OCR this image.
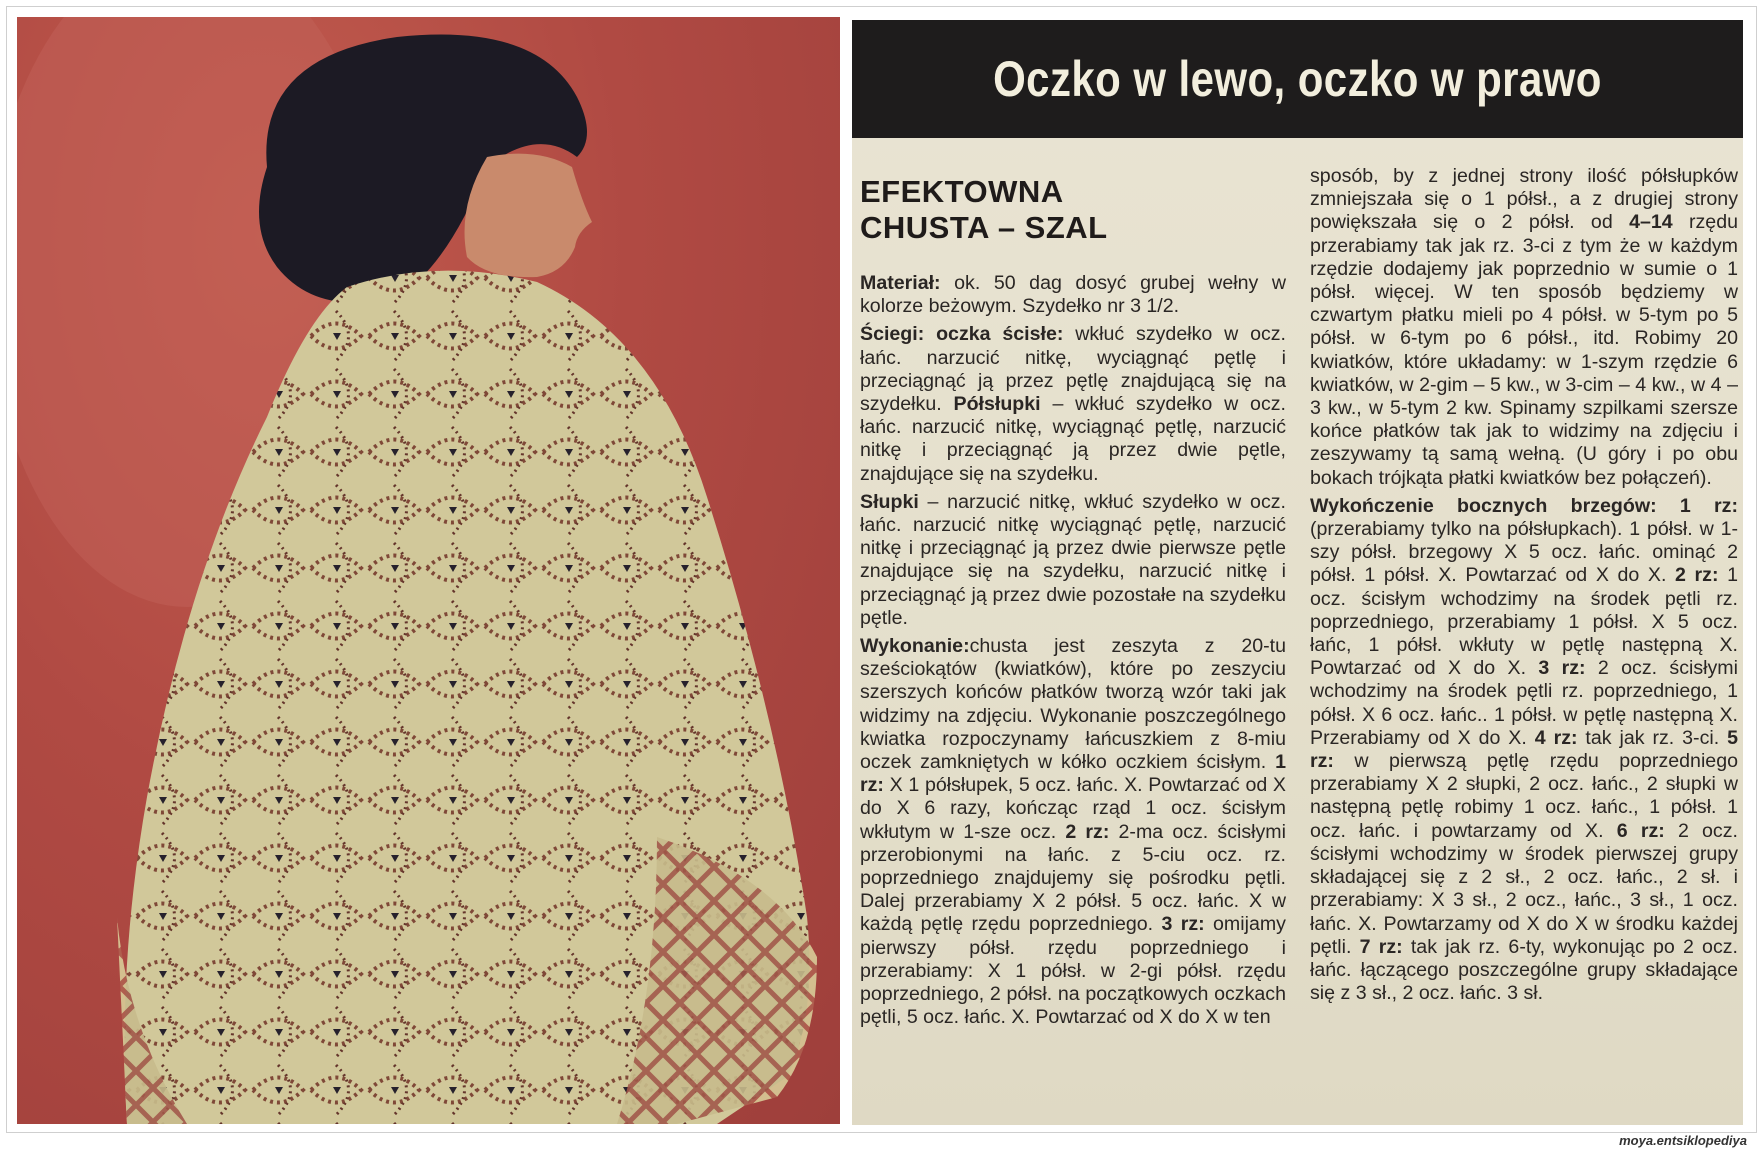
Oczko w lewo, oczko w prawo
EFEKTOWNA
CHUSTA – SZAL

Materiał: ok. 50 dag dosyć grubej wełny w kolorze beżowym. Szydełko nr 3 1/2.

Ściegi: oczka ścisłe: wkłuć szydełko w ocz. łańc. narzucić nitkę, wyciągnąć pętlę i przeciągnąć ją przez pętlę znajdującą się na szydełku. Półsłupki – wkłuć szydełko w ocz. łańc. narzucić nitkę, wyciągnąć pętlę, narzucić nitkę i przeciągnąć ją przez dwie pętle, znajdujące się na szydełku.

Słupki – narzucić nitkę, wkłuć szydełko w ocz. łańc. narzucić nitkę wyciągnąć pętlę, narzucić nitkę i przeciągnąć ją przez dwie pierwsze pętle znajdujące się na szydełku, narzucić nitkę i przeciągnąć ją przez dwie pozostałe na szydełku pętle.

Wykonanie:chusta jest zeszyta z 20-tu sześciokątów (kwiatków), które po zeszyciu szerszych końców płatków tworzą wzór taki jak widzimy na zdjęciu. Wykonanie poszczególnego kwiatka rozpoczynamy łańcuszkiem z 8-miu oczek zamkniętych w kółko oczkiem ścisłym. 1 rz: X 1 półsłupek, 5 ocz. łańc. X. Powtarzać od X do X 6 razy, kończąc rząd 1 ocz. ścisłym wkłutym w 1-sze ocz. 2 rz: 2-ma ocz. ścisłymi przerobionymi na łańc. z 5-ciu ocz. rz. poprzedniego znajdujemy się pośrodku pętli. Dalej przerabiamy X 2 półsł. 5 ocz. łańc. X w każdą pętlę rzędu poprzedniego. 3 rz: omijamy pierwszy półsł. rzędu poprzedniego i przerabiamy: X 1 półsł. w 2-gi półsł. rzędu poprzedniego, 2 półsł. na początkowych oczkach pętli, 5 ocz. łańc. X. Powtarzać od X do X w ten

sposób, by z jednej strony ilość półsłupków zmniejszała się o 1 półsł., a z drugiej strony powiększała się o 2 półsł. od 4–14 rzędu przerabiamy tak jak rz. 3-ci z tym że w każdym rzędzie dodajemy jak poprzednio w sumie o 1 półsł. więcej. W ten sposób będziemy w czwartym płatku mieli po 4 półsł. w 5-tym po 5 półsł. w 6-tym po 6 półsł., itd. Robimy 20 kwiatków, które układamy: w 1-szym rzędzie 6 kwiatków, w 2-gim – 5 kw., w 3-cim – 4 kw., w 4 – 3 kw., w 5-tym 2 kw. Spinamy szpilkami szersze końce płatków tak jak to widzimy na zdjęciu i zeszywamy tą samą wełną. (U góry i po obu bokach trójkąta płatki kwiatków bez połączeń).

Wykończenie bocznych brzegów: 1 rz: (przerabiamy tylko na półsłupkach). 1 półsł. w 1-szy półsł. brzegowy X 5 ocz. łańc. ominąć 2 półsł. 1 półsł. X. Powtarzać od X do X. 2 rz: 1 ocz. ścisłym wchodzimy na środek pętli rz. poprzedniego, przerabiamy 1 półsł. X 5 ocz. łańc, 1 półsł. wkłuty w pętlę następną X. Powtarzać od X do X. 3 rz: 2 ocz. ścisłymi wchodzimy na środek pętli rz. poprzedniego, 1 półsł. X 6 ocz. łańc.. 1 półsł. w pętlę następną X. Przerabiamy od X do X. 4 rz: tak jak rz. 3-ci. 5 rz: w pierwszą pętlę rzędu poprzedniego przerabiamy X 2 słupki, 2 ocz. łańc., 2 słupki w następną pętlę robimy 1 ocz. łańc., 1 półsł. 1 ocz. łańc. i powtarzamy od X. 6 rz: 2 ocz. ścisłymi wchodzimy w środek pierwszej grupy składającej się z 2 sł., 2 ocz. łańc., 2 sł. i przerabiamy: X 3 sł., 2 ocz., łańc., 3 sł., 1 ocz. łańc. X. Powtarzamy od X do X w środku każdej pętli. 7 rz: tak jak rz. 6-ty, wykonując po 2 ocz. łańc. łączącego poszczególne grupy składające się z 3 sł., 2 ocz. łańc. 3 sł.

moya.entsiklopediya
